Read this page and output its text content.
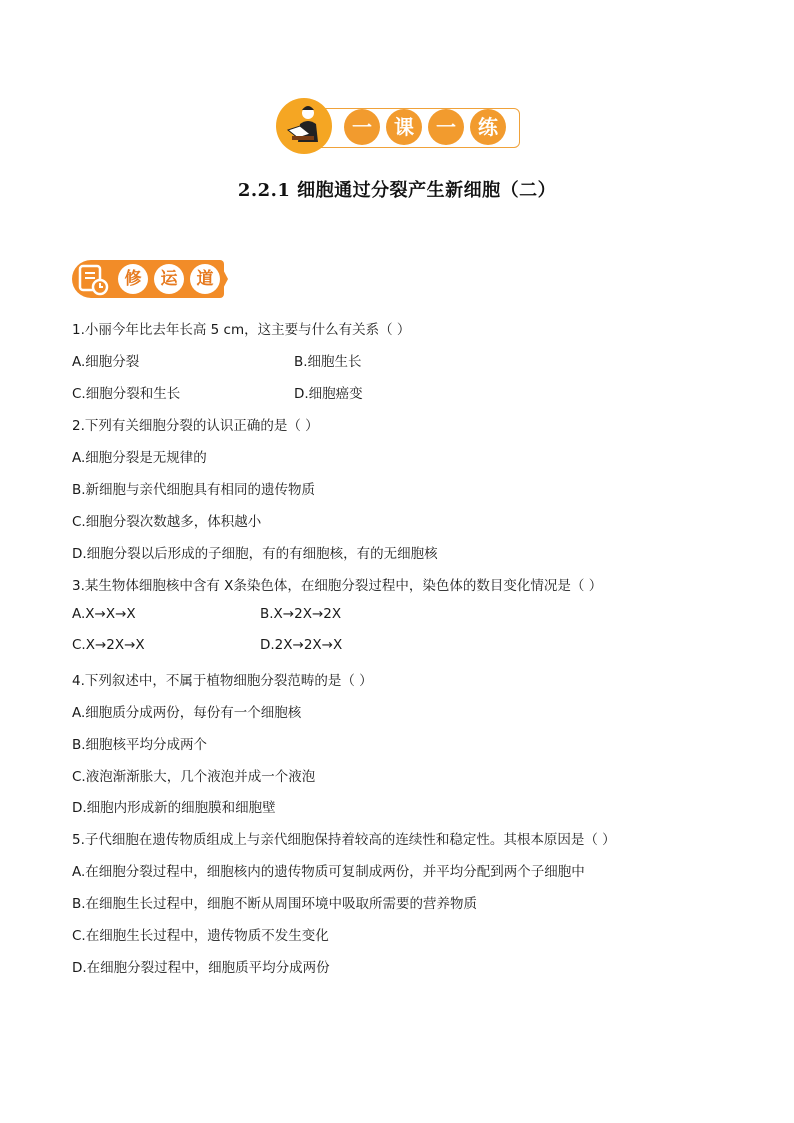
一	课	一	练
2.2.1 细胞通过分裂产生新细胞（二）
修	运	道
1.小丽今年比去年长高 5 cm，这主要与什么有关系（ ）
A.细胞分裂	B.细胞生长
C.细胞分裂和生长	D.细胞癌变
2.下列有关细胞分裂的认识正确的是（ ）
A.细胞分裂是无规律的
B.新细胞与亲代细胞具有相同的遗传物质
C.细胞分裂次数越多，体积越小
D.细胞分裂以后形成的子细胞，有的有细胞核，有的无细胞核
3.某生物体细胞核中含有 X条染色体，在细胞分裂过程中，染色体的数目变化情况是（ ）
A.X→X→X	B.X→2X→2X
C.X→2X→X	D.2X→2X→X
4.下列叙述中，不属于植物细胞分裂范畴的是（ ）
A.细胞质分成两份，每份有一个细胞核
B.细胞核平均分成两个
C.液泡渐渐胀大，几个液泡并成一个液泡
D.细胞内形成新的细胞膜和细胞壁
5.子代细胞在遗传物质组成上与亲代细胞保持着较高的连续性和稳定性。其根本原因是（ ）
A.在细胞分裂过程中，细胞核内的遗传物质可复制成两份，并平均分配到两个子细胞中
B.在细胞生长过程中，细胞不断从周围环境中吸取所需要的营养物质
C.在细胞生长过程中，遗传物质不发生变化
D.在细胞分裂过程中，细胞质平均分成两份
